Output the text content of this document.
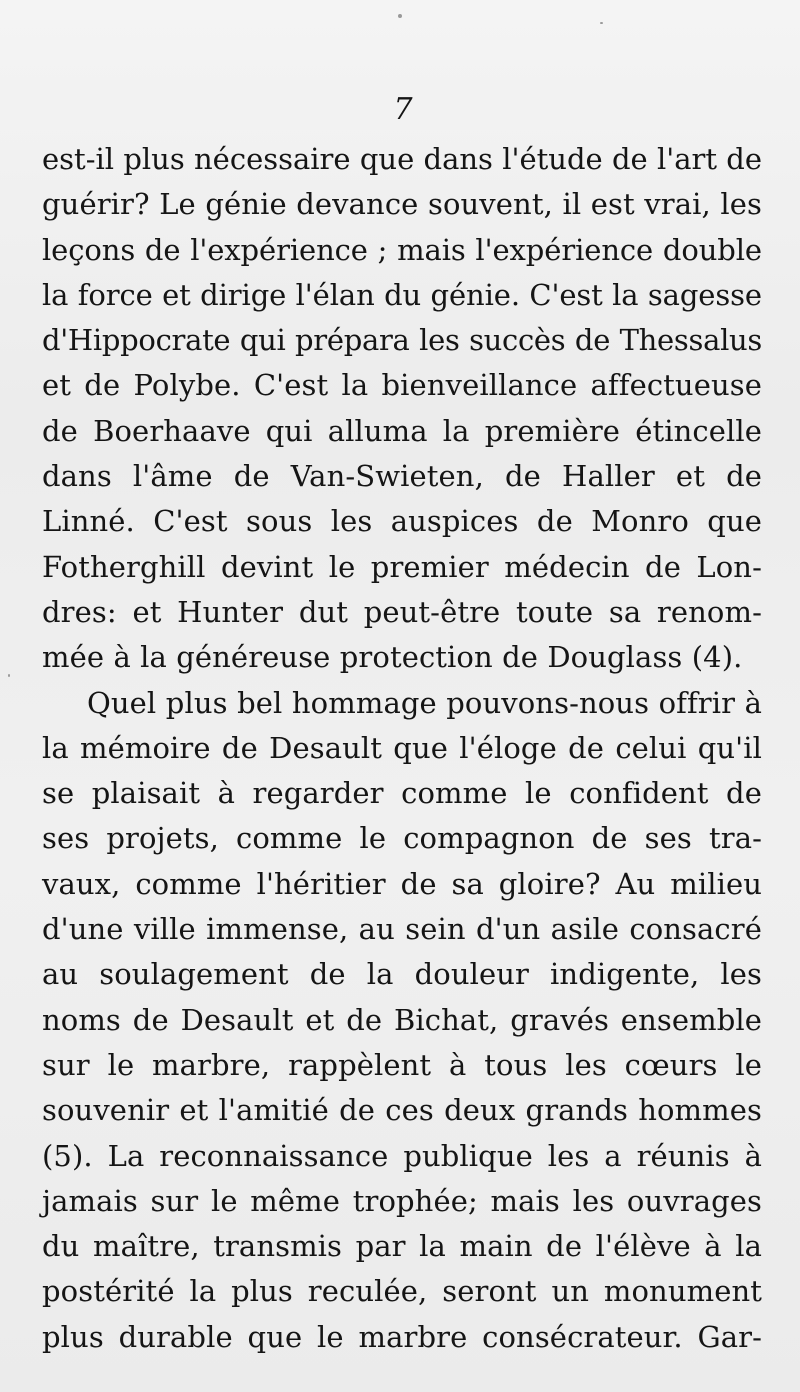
7
est-il plus nécessaire que dans l'étude de l'art de
guérir? Le génie devance souvent, il est vrai, les
leçons de l'expérience ; mais l'expérience double
la force et dirige l'élan du génie. C'est la sagesse
d'Hippocrate qui prépara les succès de Thessalus
et de Polybe. C'est la bienveillance affectueuse
de Boerhaave qui alluma la première étincelle
dans l'âme de Van-Swieten, de Haller et de
Linné. C'est sous les auspices de Monro que
Fotherghill devint le premier médecin de Lon-
dres: et Hunter dut peut-être toute sa renom-
mée à la généreuse protection de Douglass (4).
Quel plus bel hommage pouvons-nous offrir à
la mémoire de Desault que l'éloge de celui qu'il
se plaisait à regarder comme le confident de
ses projets, comme le compagnon de ses tra-
vaux, comme l'héritier de sa gloire? Au milieu
d'une ville immense, au sein d'un asile consacré
au soulagement de la douleur indigente, les
noms de Desault et de Bichat, gravés ensemble
sur le marbre, rappèlent à tous les cœurs le
souvenir et l'amitié de ces deux grands hommes
(5). La reconnaissance publique les a réunis à
jamais sur le même trophée; mais les ouvrages
du maître, transmis par la main de l'élève à la
postérité la plus reculée, seront un monument
plus durable que le marbre consécrateur. Gar-
